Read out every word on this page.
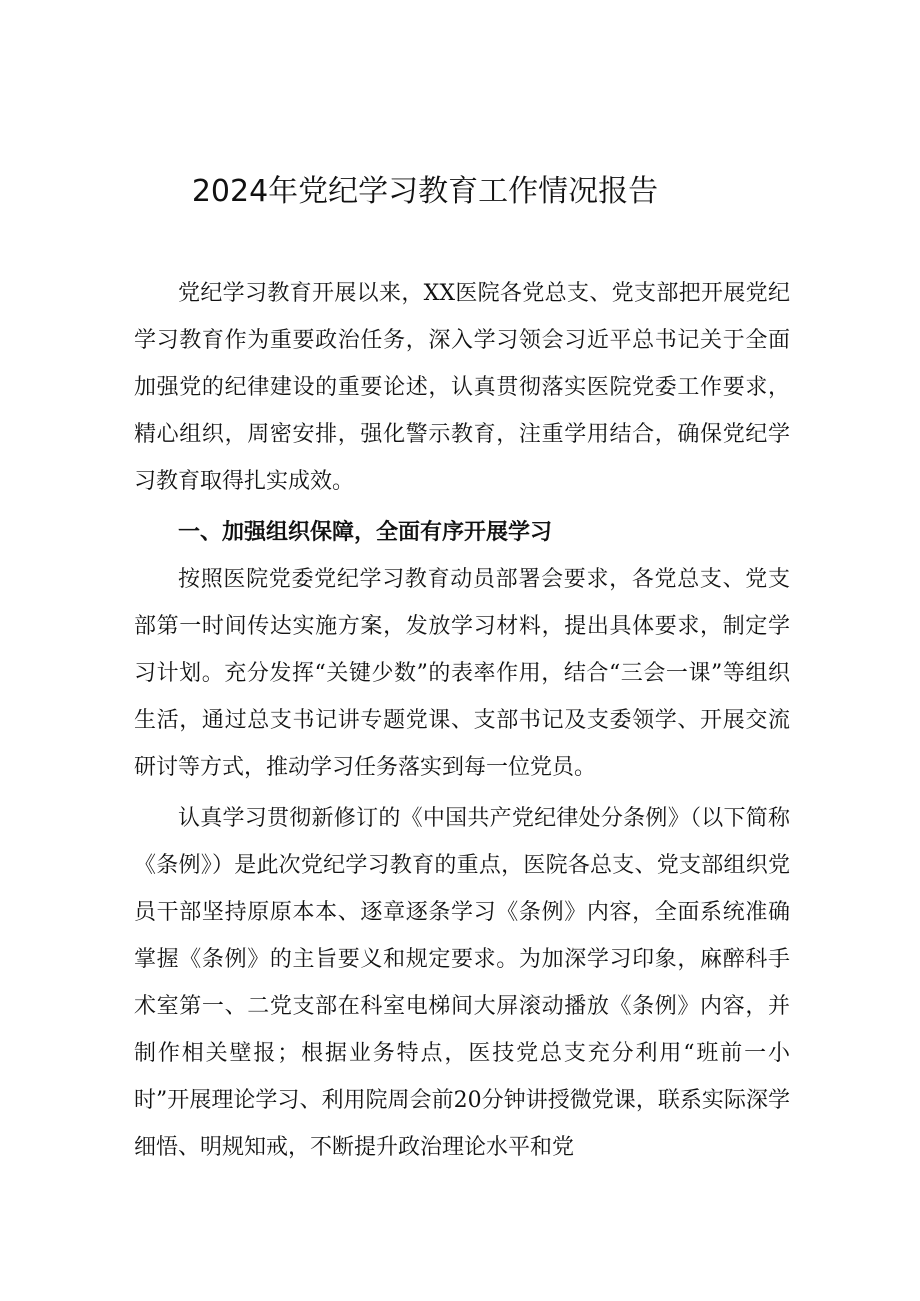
2024年党纪学习教育工作情况报告

党纪学习教育开展以来，XX医院各党总支、党支部把开展党纪学习教育作为重要政治任务，深入学习领会习近平总书记关于全面加强党的纪律建设的重要论述，认真贯彻落实医院党委工作要求，精心组织，周密安排，强化警示教育，注重学用结合，确保党纪学习教育取得扎实成效。

一、加强组织保障，全面有序开展学习

按照医院党委党纪学习教育动员部署会要求，各党总支、党支部第一时间传达实施方案，发放学习材料，提出具体要求，制定学习计划。充分发挥“关键少数”的表率作用，结合“三会一课”等组织生活，通过总支书记讲专题党课、支部书记及支委领学、开展交流研讨等方式，推动学习任务落实到每一位党员。

认真学习贯彻新修订的《中国共产党纪律处分条例》（以下简称《条例》）是此次党纪学习教育的重点，医院各总支、党支部组织党员干部坚持原原本本、逐章逐条学习《条例》内容，全面系统准确掌握《条例》的主旨要义和规定要求。为加深学习印象，麻醉科手术室第一、二党支部在科室电梯间大屏滚动播放《条例》内容，并制作相关壁报；根据业务特点，医技党总支充分利用“班前一小时”开展理论学习、利用院周会前20分钟讲授微党课，联系实际深学细悟、明规知戒，不断提升政治理论水平和党
